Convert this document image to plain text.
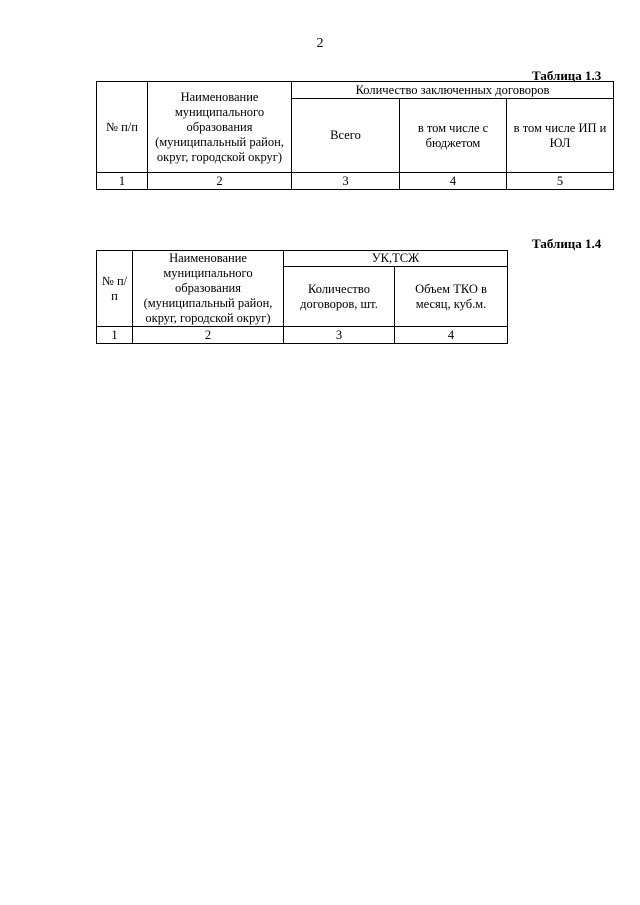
2
Таблица 1.3
№ п/п	Наименование муниципального образования (муниципальный район, округ, городской округ)	Количество заключенных договоров		
		Всего	в том числе с бюджетом	в том числе ИП и ЮЛ
1	2	3	4	5
Таблица 1.4
№ п/п	Наименование муниципального образования (муниципальный район, округ, городской округ)	УК,ТСЖ	
		Количество договоров, шт.	Объем ТКО в месяц, куб.м.
1	2	3	4
